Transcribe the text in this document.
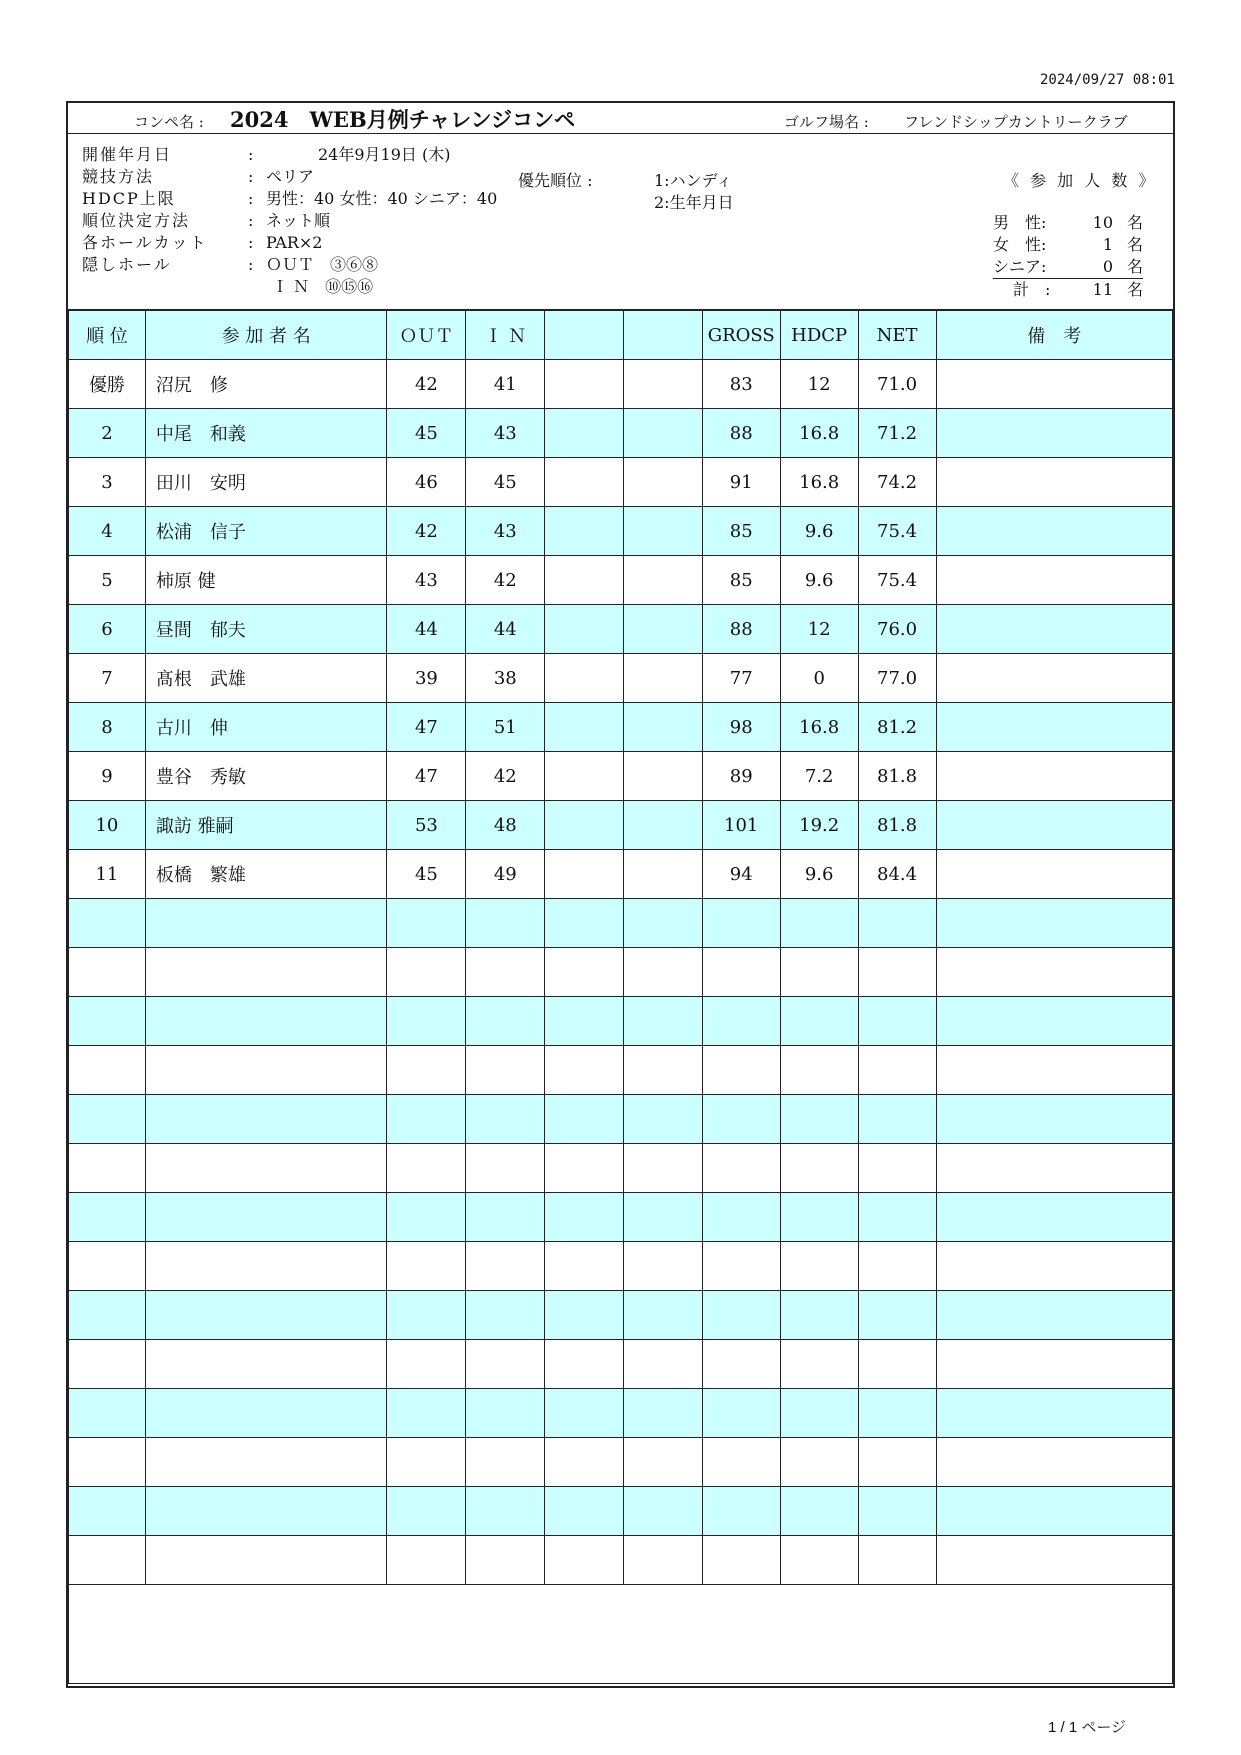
2024/09/27 08:01
コンペ名 : 2024　WEB月例チャレンジコンペ	ゴルフ場名 : フレンドシップカントリークラブ
開催年月日	:	24年9月19日 (木)
競技方法	: ペリア
HDCP上限	: 男性：40 女性：40 シニア：40
順位決定方法	: ネット順
各ホールカット	: PAR×2
隠しホール	: ＯＵＴ　③⑥⑧
Ｉ Ｎ　⑩⑮⑯
優先順位 :	1:ハンディ
2:生年月日
《 参 加 人 数 》
男　性:	10 名
女　性:	1 名
シニア:	0 名
計　:	11 名
順 位	参 加 者 名	ＯＵＴ	Ｉ Ｎ			GROSS	HDCP	NET	備　考
優勝	沼尻　修	42	41			83	12	71.0	
2	中尾　和義	45	43			88	16.8	71.2	
3	田川　安明	46	45			91	16.8	74.2	
4	松浦　信子	42	43			85	9.6	75.4	
5	柿原 健	43	42			85	9.6	75.4	
6	昼間　郁夫	44	44			88	12	76.0	
7	髙根　武雄	39	38			77	0	77.0	
8	古川　伸	47	51			98	16.8	81.2	
9	豊谷　秀敏	47	42			89	7.2	81.8	
10	諏訪 雅嗣	53	48			101	19.2	81.8	
11	板橋　繁雄	45	49			94	9.6	84.4	

1 / 1 ページ
